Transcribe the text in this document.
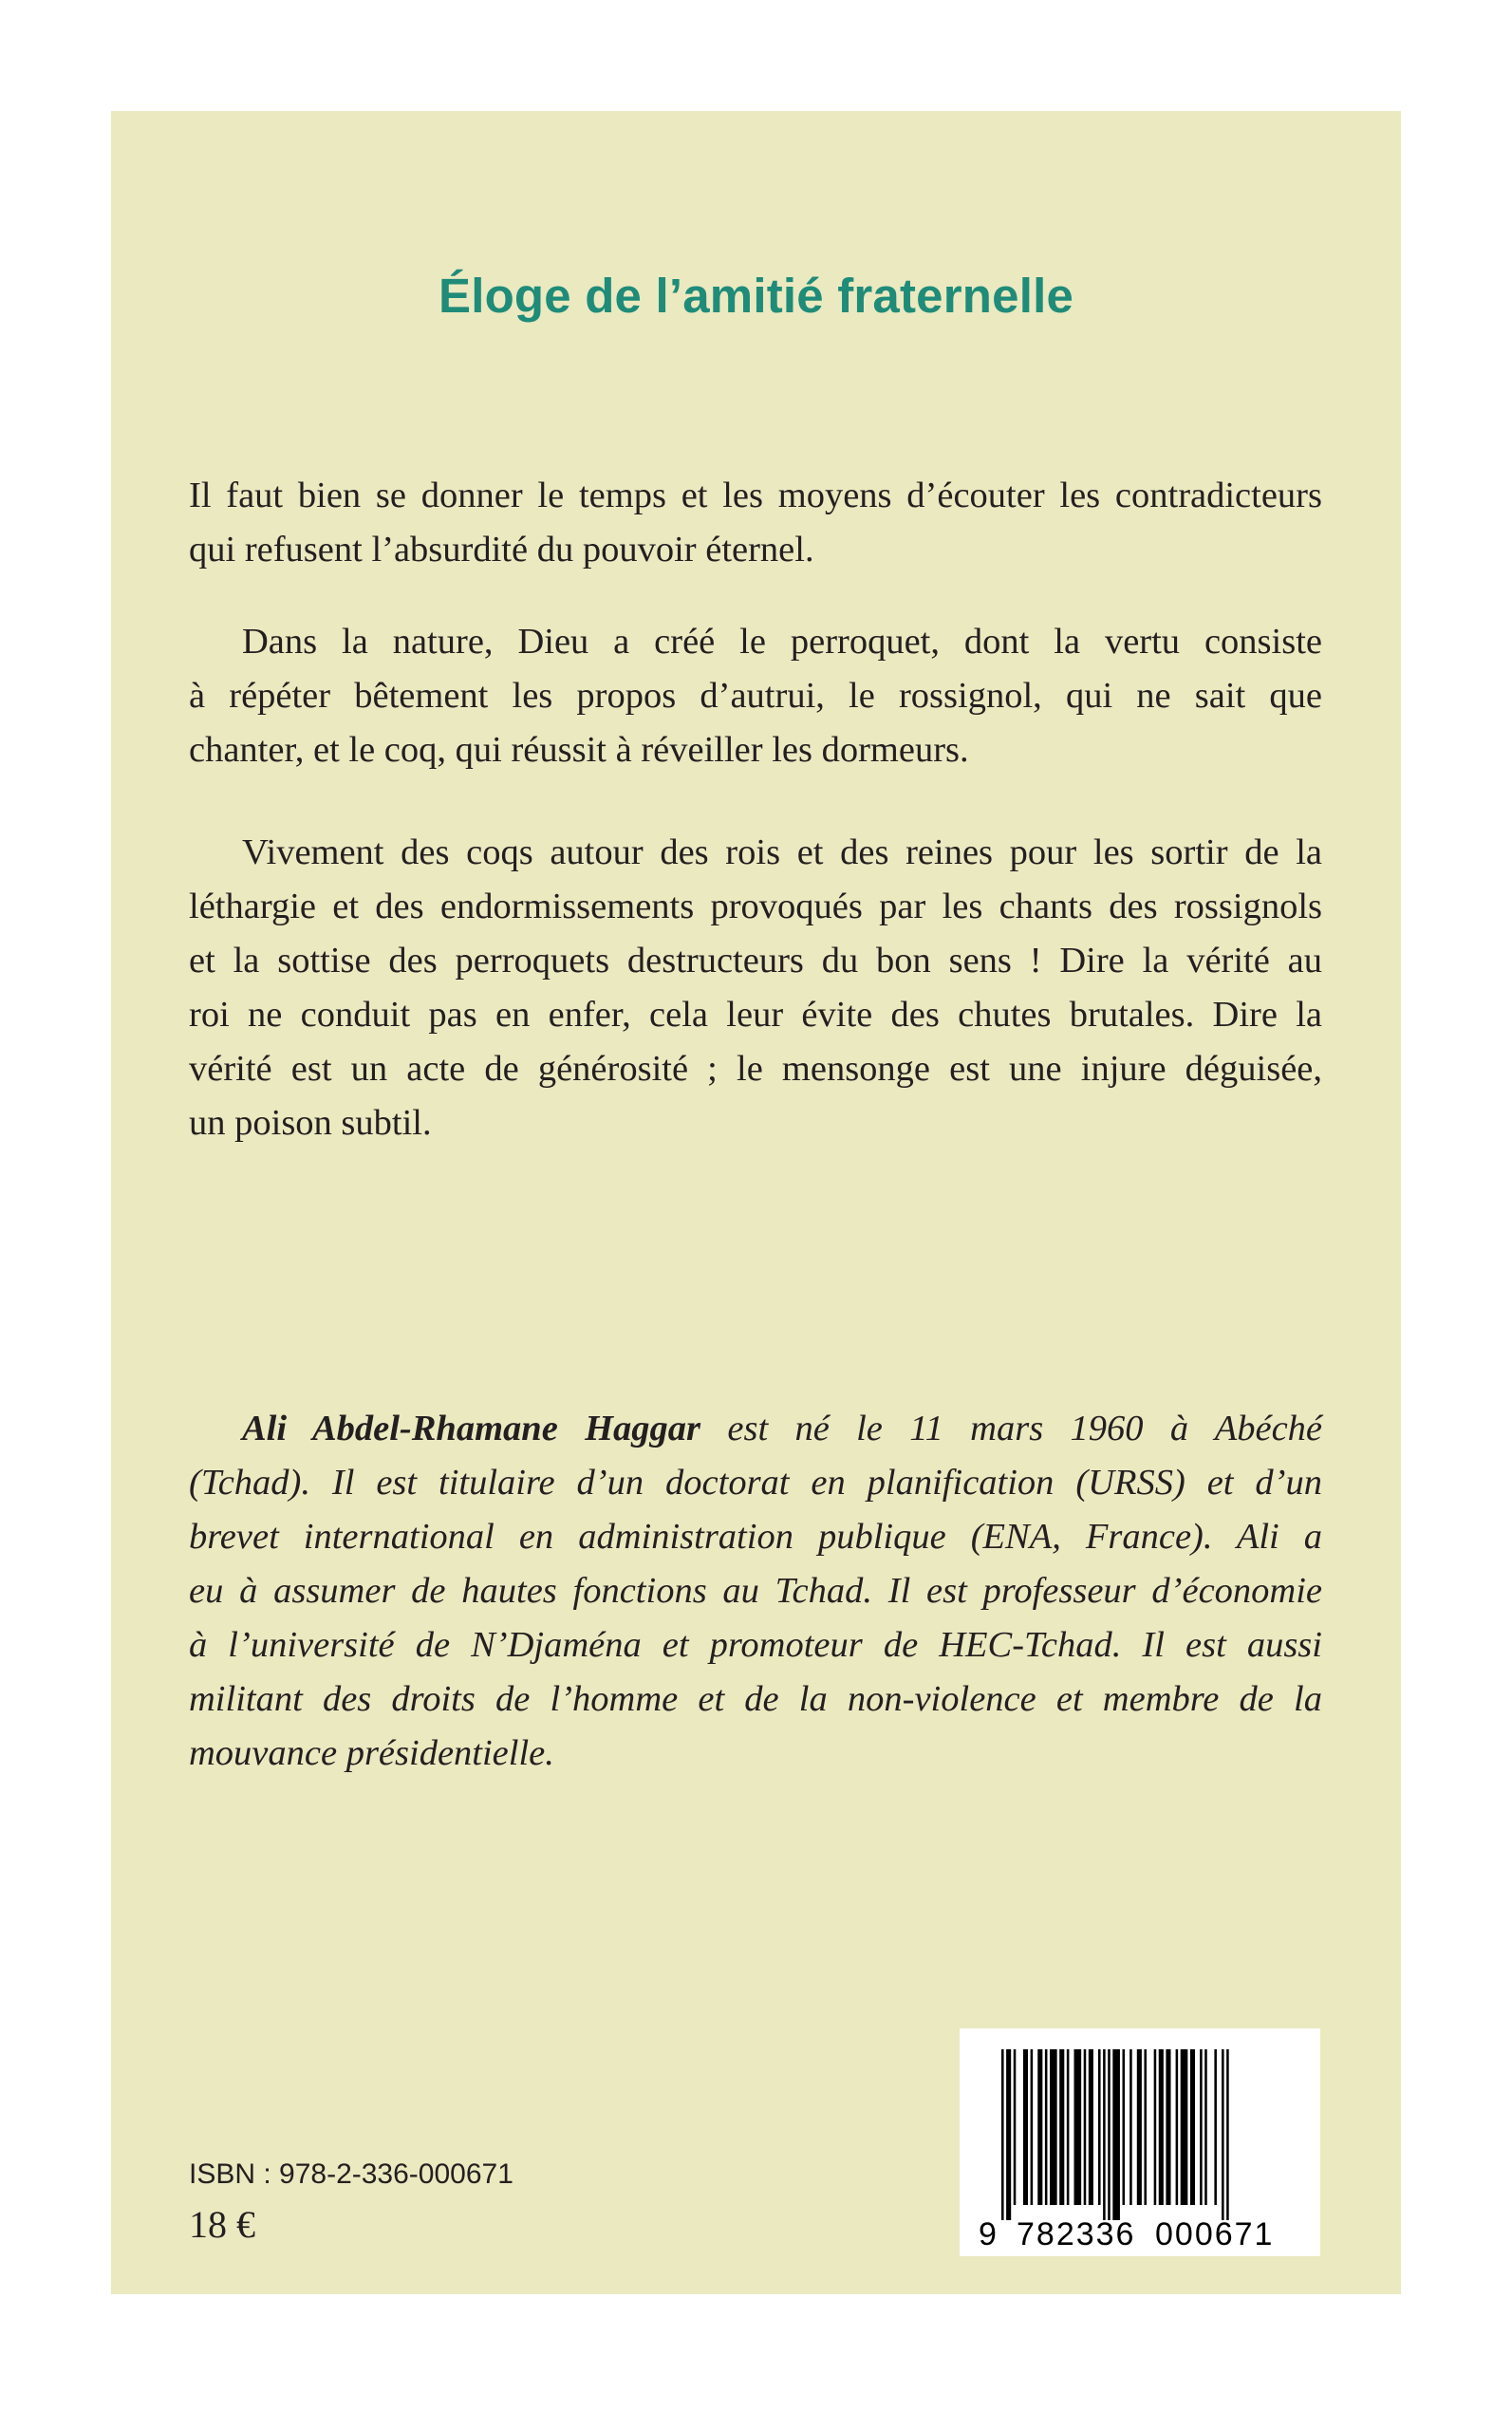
Éloge de l’amitié fraternelle

Il faut bien se donner le temps et les moyens d’écouter les contradicteurs
qui refusent l’absurdité du pouvoir éternel.

Dans la nature, Dieu a créé le perroquet, dont la vertu consiste
à répéter bêtement les propos d’autrui, le rossignol, qui ne sait que
chanter, et le coq, qui réussit à réveiller les dormeurs.

Vivement des coqs autour des rois et des reines pour les sortir de la
léthargie et des endormissements provoqués par les chants des rossignols
et la sottise des perroquets destructeurs du bon sens ! Dire la vérité au
roi ne conduit pas en enfer, cela leur évite des chutes brutales. Dire la
vérité est un acte de générosité ; le mensonge est une injure déguisée,
un poison subtil.

Ali Abdel-Rhamane Haggar est né le 11 mars 1960 à Abéché
(Tchad). Il est titulaire d’un doctorat en planification (URSS) et d’un
brevet international en administration publique (ENA, France). Ali a
eu à assumer de hautes fonctions au Tchad. Il est professeur d’économie
à l’université de N’Djaména et promoteur de HEC-Tchad. Il est aussi
militant des droits de l’homme et de la non-violence et membre de la
mouvance présidentielle.

ISBN : 978-2-336-000671
18 €	9 782336 000671
